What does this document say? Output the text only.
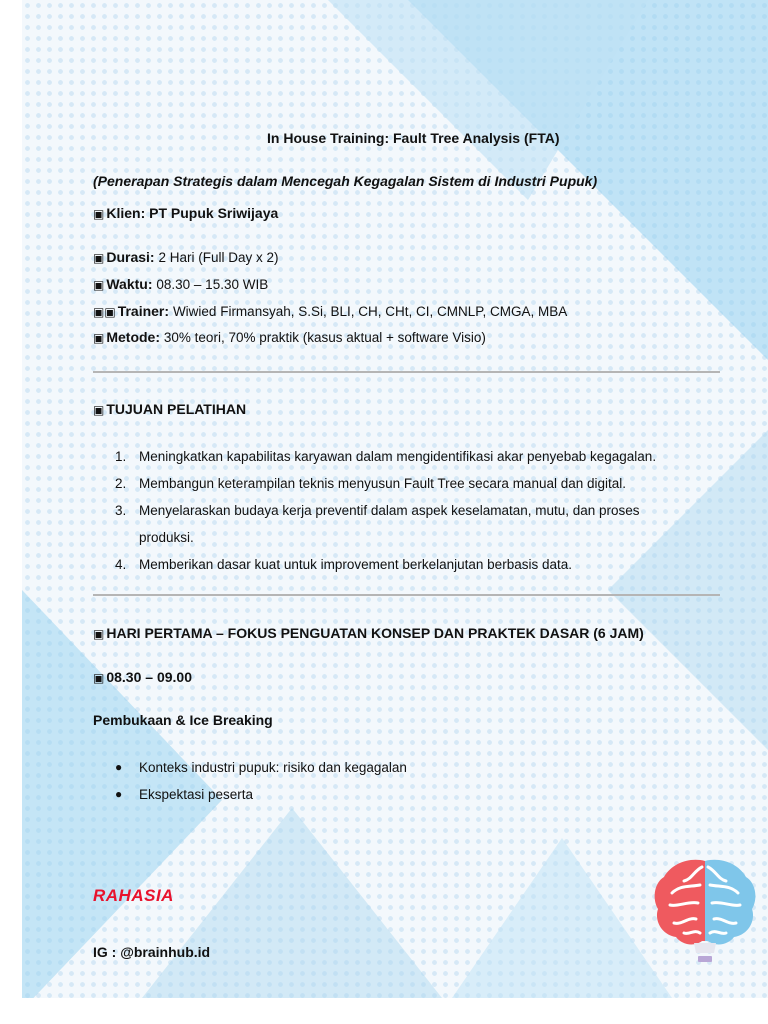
In House Training: Fault Tree Analysis (FTA)
(Penerapan Strategis dalam Mencegah Kegagalan Sistem di Industri Pupuk)
▣ Klien: PT Pupuk Sriwijaya
▣ Durasi: 2 Hari (Full Day x 2)
▣ Waktu: 08.30 – 15.30 WIB
▣▣ Trainer: Wiwied Firmansyah, S.Si, BLI, CH, CHt, CI, CMNLP, CMGA, MBA
▣ Metode: 30% teori, 70% praktik (kasus aktual + software Visio)
▣ TUJUAN PELATIHAN
1. Meningkatkan kapabilitas karyawan dalam mengidentifikasi akar penyebab kegagalan.
2. Membangun keterampilan teknis menyusun Fault Tree secara manual dan digital.
3. Menyelaraskan budaya kerja preventif dalam aspek keselamatan, mutu, dan proses produksi.
4. Memberikan dasar kuat untuk improvement berkelanjutan berbasis data.
▣ HARI PERTAMA – FOKUS PENGUATAN KONSEP DAN PRAKTEK DASAR (6 JAM)
▣ 08.30 – 09.00
Pembukaan & Ice Breaking
● Konteks industri pupuk: risiko dan kegagalan
● Ekspektasi peserta
RAHASIA
IG : @brainhub.id
